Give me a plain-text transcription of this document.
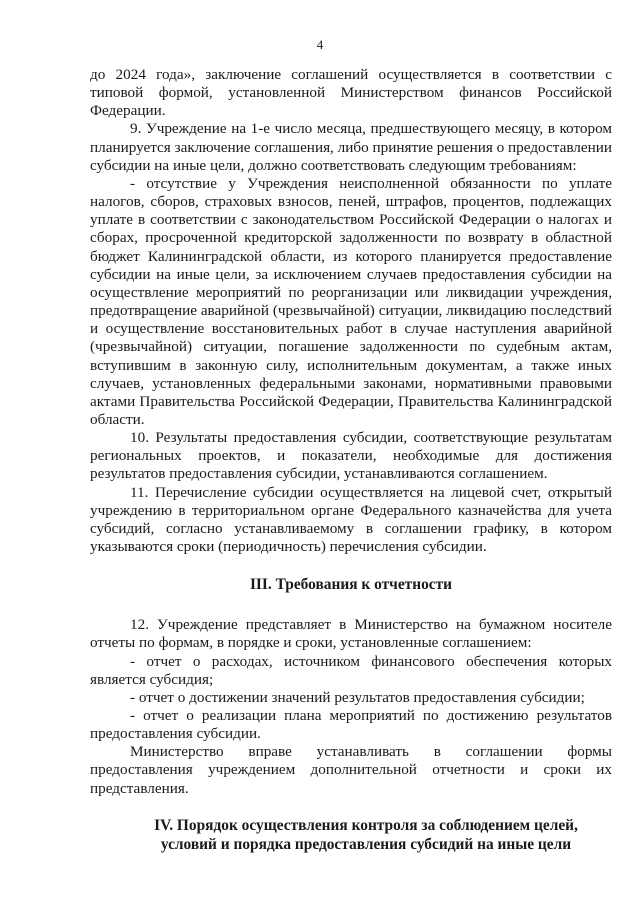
4

до 2024 года», заключение соглашений осуществляется в соответствии с типовой формой, установленной Министерством финансов Российской Федерации.

9. Учреждение на 1-е число месяца, предшествующего месяцу, в котором планируется заключение соглашения, либо принятие решения о предоставлении субсидии на иные цели, должно соответствовать следующим требованиям:

- отсутствие у Учреждения неисполненной обязанности по уплате налогов, сборов, страховых взносов, пеней, штрафов, процентов, подлежащих уплате в соответствии с законодательством Российской Федерации о налогах и сборах, просроченной кредиторской задолженности по возврату в областной бюджет Калининградской области, из которого планируется предоставление субсидии на иные цели, за исключением случаев предоставления субсидии на осуществление мероприятий по реорганизации или ликвидации учреждения, предотвращение аварийной (чрезвычайной) ситуации, ликвидацию последствий и осуществление восстановительных работ в случае наступления аварийной (чрезвычайной) ситуации, погашение задолженности по судебным актам, вступившим в законную силу, исполнительным документам, а также иных случаев, установленных федеральными законами, нормативными правовыми актами Правительства Российской Федерации, Правительства Калининградской области.

10. Результаты предоставления субсидии, соответствующие результатам региональных проектов, и показатели, необходимые для достижения результатов предоставления субсидии, устанавливаются соглашением.

11. Перечисление субсидии осуществляется на лицевой счет, открытый учреждению в территориальном органе Федерального казначейства для учета субсидий, согласно устанавливаемому в соглашении графику, в котором указываются сроки (периодичность) перечисления субсидии.

III. Требования к отчетности

12. Учреждение представляет в Министерство на бумажном носителе отчеты по формам, в порядке и сроки, установленные соглашением:

- отчет о расходах, источником финансового обеспечения которых является субсидия;

- отчет о достижении значений результатов предоставления субсидии;

- отчет о реализации плана мероприятий по достижению результатов предоставления субсидии.

Министерство вправе устанавливать в соглашении формы предоставления учреждением дополнительной отчетности и сроки их представления.

IV. Порядок осуществления контроля за соблюдением целей,
условий и порядка предоставления субсидий на иные цели
